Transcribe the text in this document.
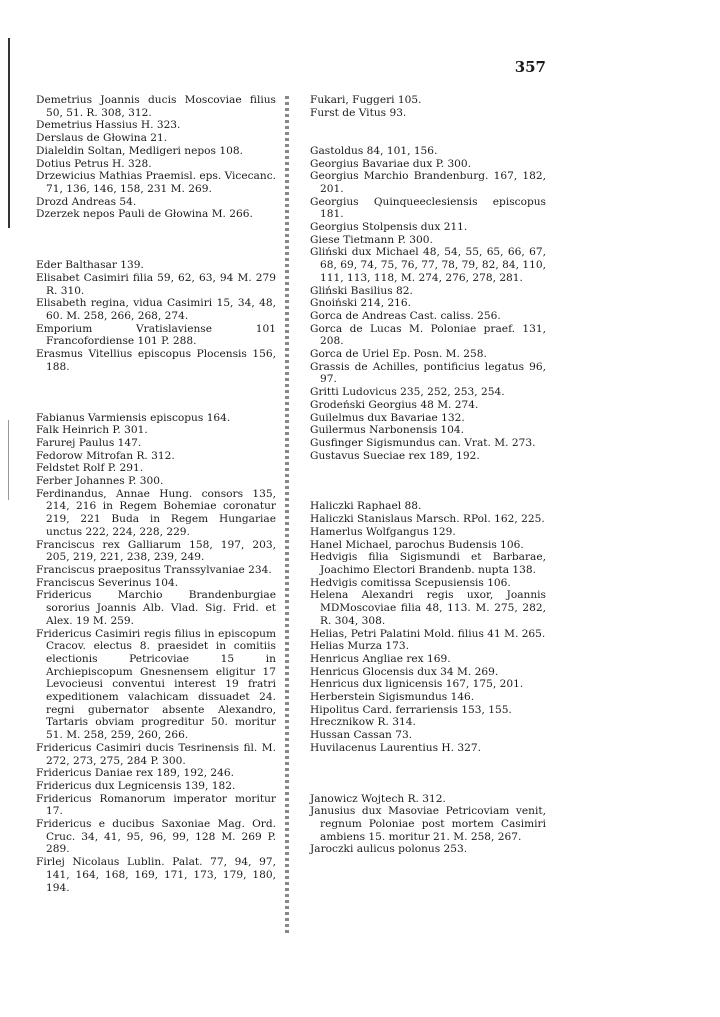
357
Demetrius Joannis ducis Moscoviae filius 50, 51. R. 308, 312.
Demetrius Hassius H. 323.
Derslaus de Głowina 21.
Dialeldin Soltan, Medligeri nepos 108.
Dotius Petrus H. 328.
Drzewicius Mathias Praemisl. eps. Vicecanc. 71, 136, 146, 158, 231 M. 269.
Drozd Andreas 54.
Dzerzek nepos Pauli de Głowina M. 266.
Eder Balthasar 139.
Elisabet Casimiri filia 59, 62, 63, 94 M. 279 R. 310.
Elisabeth regina, vidua Casimiri 15, 34, 48, 60. M. 258, 266, 268, 274.
Emporium Vratislaviense 101 Francofordiense 101 P. 288.
Erasmus Vitellius episcopus Plocensis 156, 188.
Fabianus Varmiensis episcopus 164.
Falk Heinrich P. 301.
Farurej Paulus 147.
Fedorow Mitrofan R. 312.
Feldstet Rolf P. 291.
Ferber Johannes P. 300.
Ferdinandus, Annae Hung. consors 135, 214, 216 in Regem Bohemiae coronatur 219, 221 Buda in Regem Hungariae unctus 222, 224, 228, 229.
Franciscus rex Galliarum 158, 197, 203, 205, 219, 221, 238, 239, 249.
Franciscus praepositus Transsylvaniae 234.
Franciscus Severinus 104.
Fridericus Marchio Brandenburgiae sororius Joannis Alb. Vlad. Sig. Frid. et Alex. 19 M. 259.
Fridericus Casimiri regis filius in episcopum Cracov. electus 8. praesidet in comitiis electionis Petricoviae 15 in Archiepiscopum Gnesnensem eligitur 17 Levocieusi conventui interest 19 fratri expeditionem valachicam dissuadet 24. regni gubernator absente Alexandro, Tartaris obviam progreditur 50. moritur 51. M. 258, 259, 260, 266.
Fridericus Casimiri ducis Tesrinensis fil. M. 272, 273, 275, 284 P. 300.
Fridericus Daniae rex 189, 192, 246.
Fridericus dux Legnicensis 139, 182.
Fridericus Romanorum imperator moritur 17.
Fridericus e ducibus Saxoniae Mag. Ord. Cruc. 34, 41, 95, 96, 99, 128 M. 269 P. 289.
Firlej Nicolaus Lublin. Palat. 77, 94, 97, 141, 164, 168, 169, 171, 173, 179, 180, 194.
Fukari, Fuggeri 105.
Furst de Vitus 93.
Gastoldus 84, 101, 156.
Georgius Bavariae dux P. 300.
Georgius Marchio Brandenburg. 167, 182, 201.
Georgius Quinqueeclesiensis episcopus 181.
Georgius Stolpensis dux 211.
Giese Tietmann P. 300.
Gliński dux Michael 48, 54, 55, 65, 66, 67, 68, 69, 74, 75, 76, 77, 78, 79, 82, 84, 110, 111, 113, 118, M. 274, 276, 278, 281.
Gliński Basilius 82.
Gnoiński 214, 216.
Gorca de Andreas Cast. caliss. 256.
Gorca de Lucas M. Poloniae praef. 131, 208.
Gorca de Uriel Ep. Posn. M. 258.
Grassis de Achilles, pontificius legatus 96, 97.
Gritti Ludovicus 235, 252, 253, 254.
Grodeński Georgius 48 M. 274.
Guilelmus dux Bavariae 132.
Guilermus Narbonensis 104.
Gusfinger Sigismundus can. Vrat. M. 273.
Gustavus Sueciae rex 189, 192.
Haliczki Raphael 88.
Haliczki Stanislaus Marsch. RPol. 162, 225.
Hamerlus Wolfgangus 129.
Hanel Michael, parochus Budensis 106.
Hedvigis filia Sigismundi et Barbarae, Joachimo Electori Brandenb. nupta 138.
Hedvigis comitissa Scepusiensis 106.
Helena Alexandri regis uxor, Joannis MDMoscoviae filia 48, 113. M. 275, 282, R. 304, 308.
Helias, Petri Palatini Mold. filius 41 M. 265.
Helias Murza 173.
Henricus Angliae rex 169.
Henricus Glocensis dux 34 M. 269.
Henricus dux lignicensis 167, 175, 201.
Herberstein Sigismundus 146.
Hipolitus Card. ferrariensis 153, 155.
Hrecznikow R. 314.
Hussan Cassan 73.
Huvilacenus Laurentius H. 327.
Janowicz Wojtech R. 312.
Janusius dux Masoviae Petricoviam venit, regnum Poloniae post mortem Casimiri ambiens 15. moritur 21. M. 258, 267.
Jaroczki aulicus polonus 253.
